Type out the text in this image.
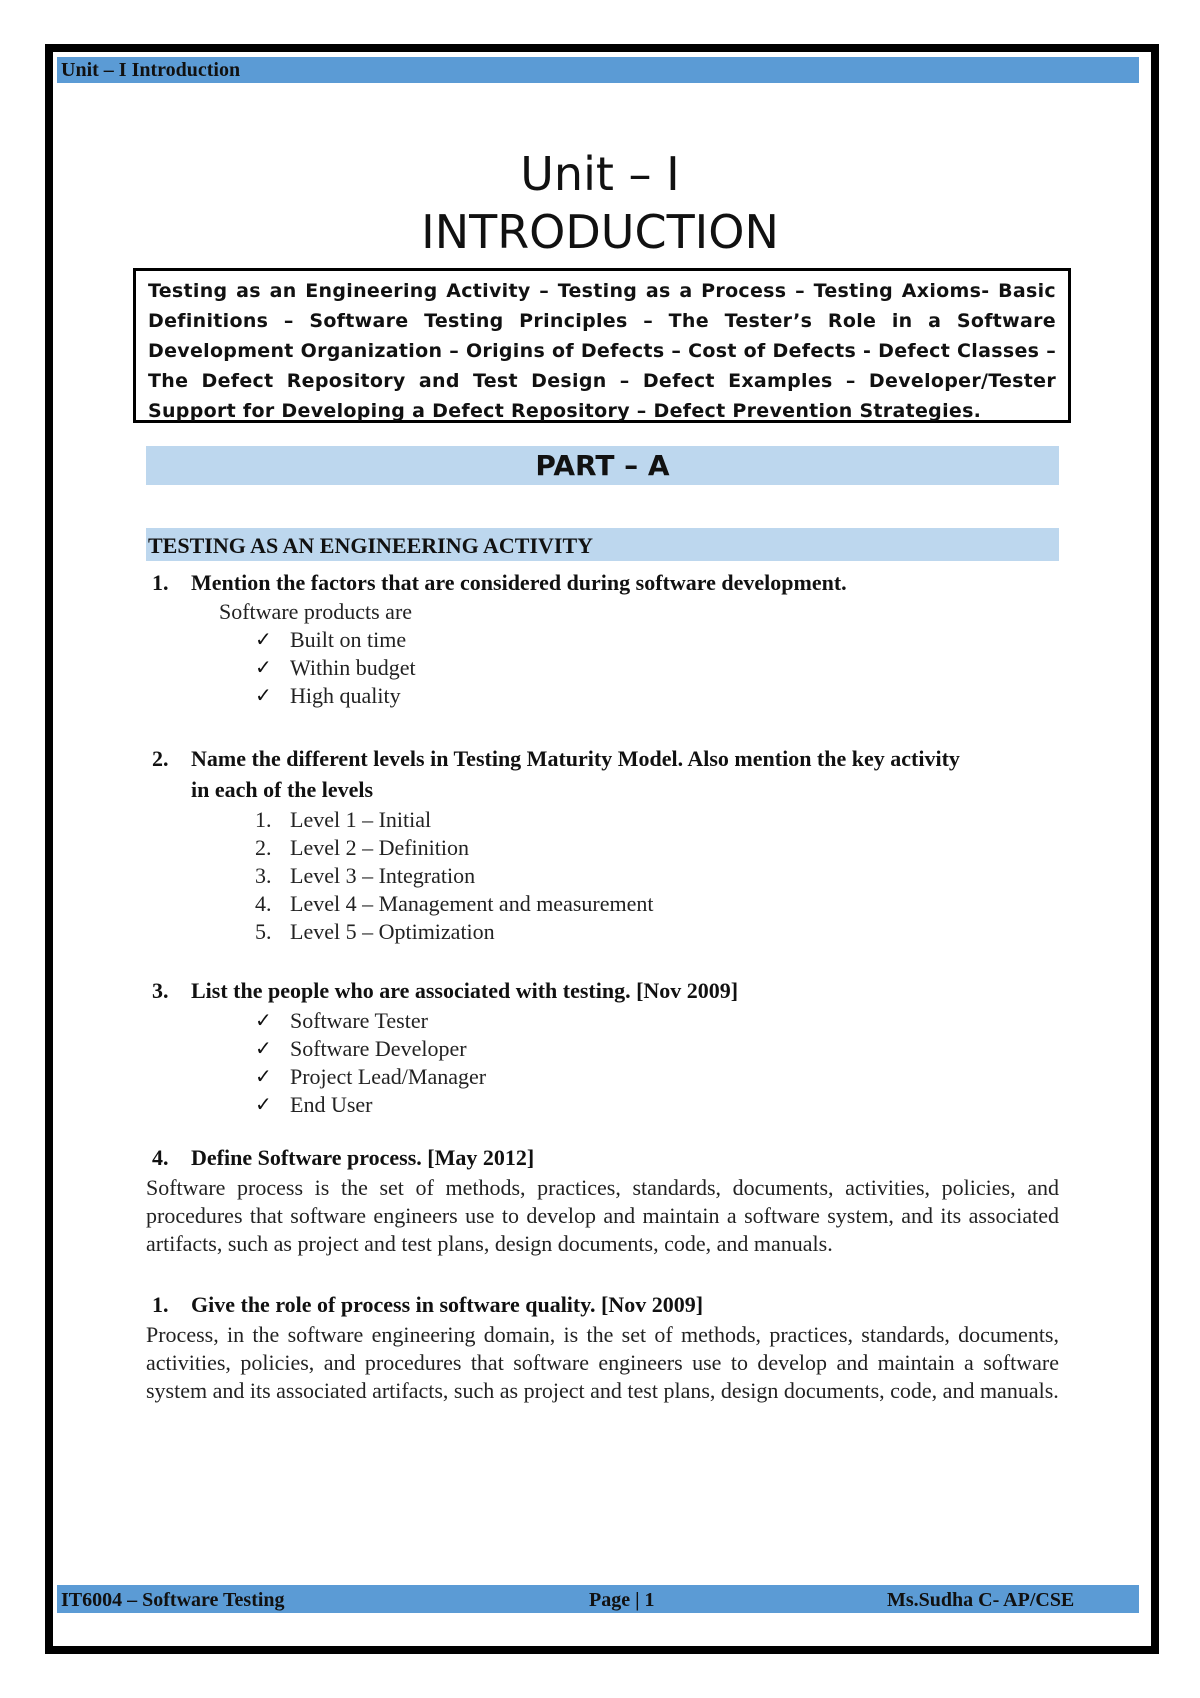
Unit – I Introduction
Unit – I
INTRODUCTION
Testing as an Engineering Activity – Testing as a Process – Testing Axioms- Basic Definitions – Software Testing Principles – The Tester’s Role in a Software Development Organization – Origins of Defects – Cost of Defects - Defect Classes – The Defect Repository and Test Design – Defect Examples – Developer/Tester Support for Developing a Defect Repository – Defect Prevention Strategies.
PART – A
TESTING AS AN ENGINEERING ACTIVITY
1.	Mention the factors that are considered during software development.
Software products are
✓ Built on time
✓ Within budget
✓ High quality
2.	Name the different levels in Testing Maturity Model. Also mention the key activity
in each of the levels
1. Level 1 – Initial
2. Level 2 – Definition
3. Level 3 – Integration
4. Level 4 – Management and measurement
5. Level 5 – Optimization
3.	List the people who are associated with testing. [Nov 2009]
✓ Software Tester
✓ Software Developer
✓ Project Lead/Manager
✓ End User
4.	Define Software process. [May 2012]
Software process is the set of methods, practices, standards, documents, activities, policies, and procedures that software engineers use to develop and maintain a software system, and its associated artifacts, such as project and test plans, design documents, code, and manuals.
1.	Give the role of process in software quality. [Nov 2009]
Process, in the software engineering domain, is the set of methods, practices, standards, documents, activities, policies, and procedures that software engineers use to develop and maintain a software system and its associated artifacts, such as project and test plans, design documents, code, and manuals.
IT6004 – Software Testing	Page | 1	Ms.Sudha C- AP/CSE
